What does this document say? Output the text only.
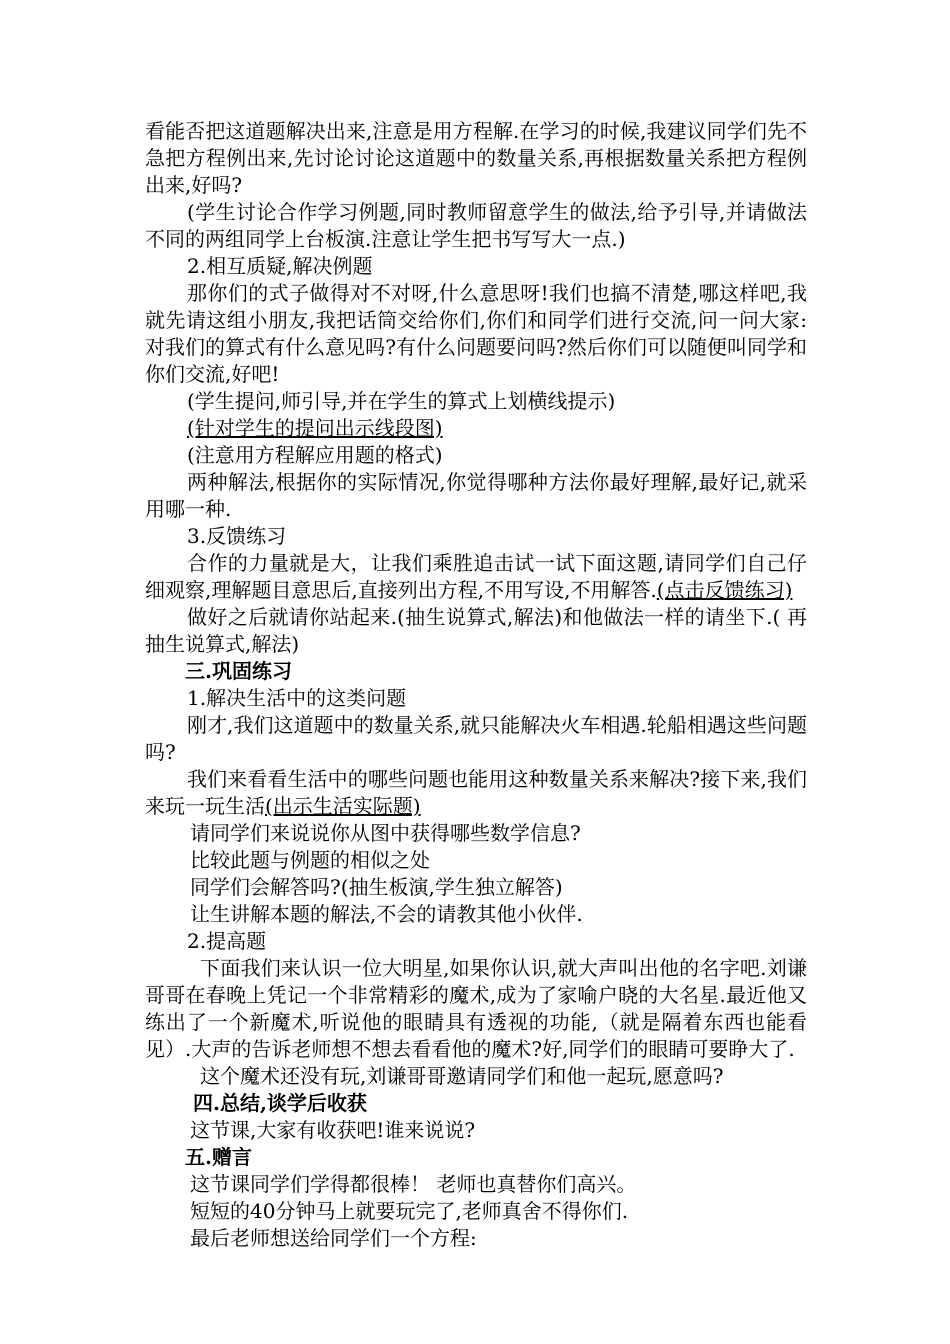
看能否把这道题解决出来,注意是用方程解.在学习的时候,我建议同学们先不急把方程例出来,先讨论讨论这道题中的数量关系,再根据数量关系把方程例出来,好吗?

(学生讨论合作学习例题,同时教师留意学生的做法,给予引导,并请做法不同的两组同学上台板演.注意让学生把书写写大一点.)

2.相互质疑,解决例题

那你们的式子做得对不对呀,什么意思呀!我们也搞不清楚,哪这样吧,我就先请这组小朋友,我把话筒交给你们,你们和同学们进行交流,问一问大家:对我们的算式有什么意见吗?有什么问题要问吗?然后你们可以随便叫同学和你们交流,好吧!

(学生提问,师引导,并在学生的算式上划横线提示)

(针对学生的提问出示线段图)

(注意用方程解应用题的格式)

两种解法,根据你的实际情况,你觉得哪种方法你最好理解,最好记,就采用哪一种.

3.反馈练习

合作的力量就是大，让我们乘胜追击试一试下面这题,请同学们自己仔细观察,理解题目意思后,直接列出方程,不用写设,不用解答.(点击反馈练习)

做好之后就请你站起来.(抽生说算式,解法)和他做法一样的请坐下.( 再抽生说算式,解法)

三.巩固练习

1.解决生活中的这类问题

刚才,我们这道题中的数量关系,就只能解决火车相遇.轮船相遇这些问题吗?

我们来看看生活中的哪些问题也能用这种数量关系来解决?接下来,我们来玩一玩生活(出示生活实际题)

请同学们来说说你从图中获得哪些数学信息?

比较此题与例题的相似之处

同学们会解答吗?(抽生板演,学生独立解答)

让生讲解本题的解法,不会的请教其他小伙伴.

2.提高题

下面我们来认识一位大明星,如果你认识,就大声叫出他的名字吧.刘谦哥哥在春晚上凭记一个非常精彩的魔术,成为了家喻户晓的大名星.最近他又练出了一个新魔术,听说他的眼睛具有透视的功能,（就是隔着东西也能看见）.大声的告诉老师想不想去看看他的魔术?好,同学们的眼睛可要睁大了.

这个魔术还没有玩,刘谦哥哥邀请同学们和他一起玩,愿意吗?

四.总结,谈学后收获

这节课,大家有收获吧!谁来说说?

五.赠言

这节课同学们学得都很棒！ 老师也真替你们高兴。

短短的40分钟马上就要玩完了,老师真舍不得你们.

最后老师想送给同学们一个方程:
